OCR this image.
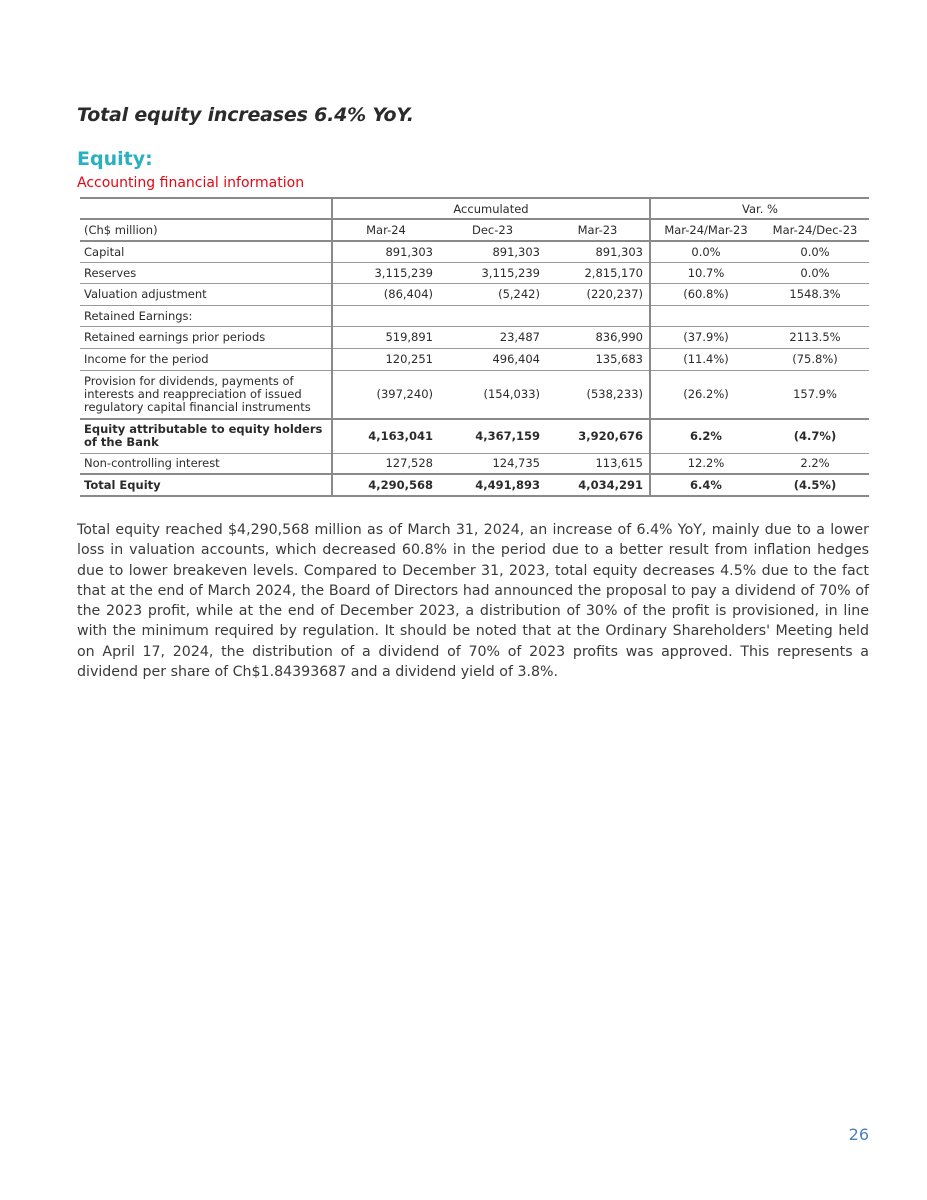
Total equity increases 6.4% YoY.
Equity:
Accounting financial information
	Accumulated			Var. %	
(Ch$ million)	Mar-24	Dec-23	Mar-23	Mar-24/Mar-23	Mar-24/Dec-23
Capital	891,303	891,303	891,303	0.0%	0.0%
Reserves	3,115,239	3,115,239	2,815,170	10.7%	0.0%
Valuation adjustment	(86,404)	(5,242)	(220,237)	(60.8%)	1548.3%
Retained Earnings:					
Retained earnings prior periods	519,891	23,487	836,990	(37.9%)	2113.5%
Income for the period	120,251	496,404	135,683	(11.4%)	(75.8%)
Provision for dividends, payments of interests and reappreciation of issued regulatory capital financial instruments	(397,240)	(154,033)	(538,233)	(26.2%)	157.9%
Equity attributable to equity holders of the Bank	4,163,041	4,367,159	3,920,676	6.2%	(4.7%)
Non-controlling interest	127,528	124,735	113,615	12.2%	2.2%
Total Equity	4,290,568	4,491,893	4,034,291	6.4%	(4.5%)
Total equity reached $4,290,568 million as of March 31, 2024, an increase of 6.4% YoY, mainly due to a lower loss in valuation accounts, which decreased 60.8% in the period due to a better result from inflation hedges due to lower breakeven levels. Compared to December 31, 2023, total equity decreases 4.5% due to the fact that at the end of March 2024, the Board of Directors had announced the proposal to pay a dividend of 70% of the 2023 profit, while at the end of December 2023, a distribution of 30% of the profit is provisioned, in line with the minimum required by regulation. It should be noted that at the Ordinary Shareholders' Meeting held on April 17, 2024, the distribution of a dividend of 70% of 2023 profits was approved. This represents a dividend per share of Ch$1.84393687 and a dividend yield of 3.8%.
26
